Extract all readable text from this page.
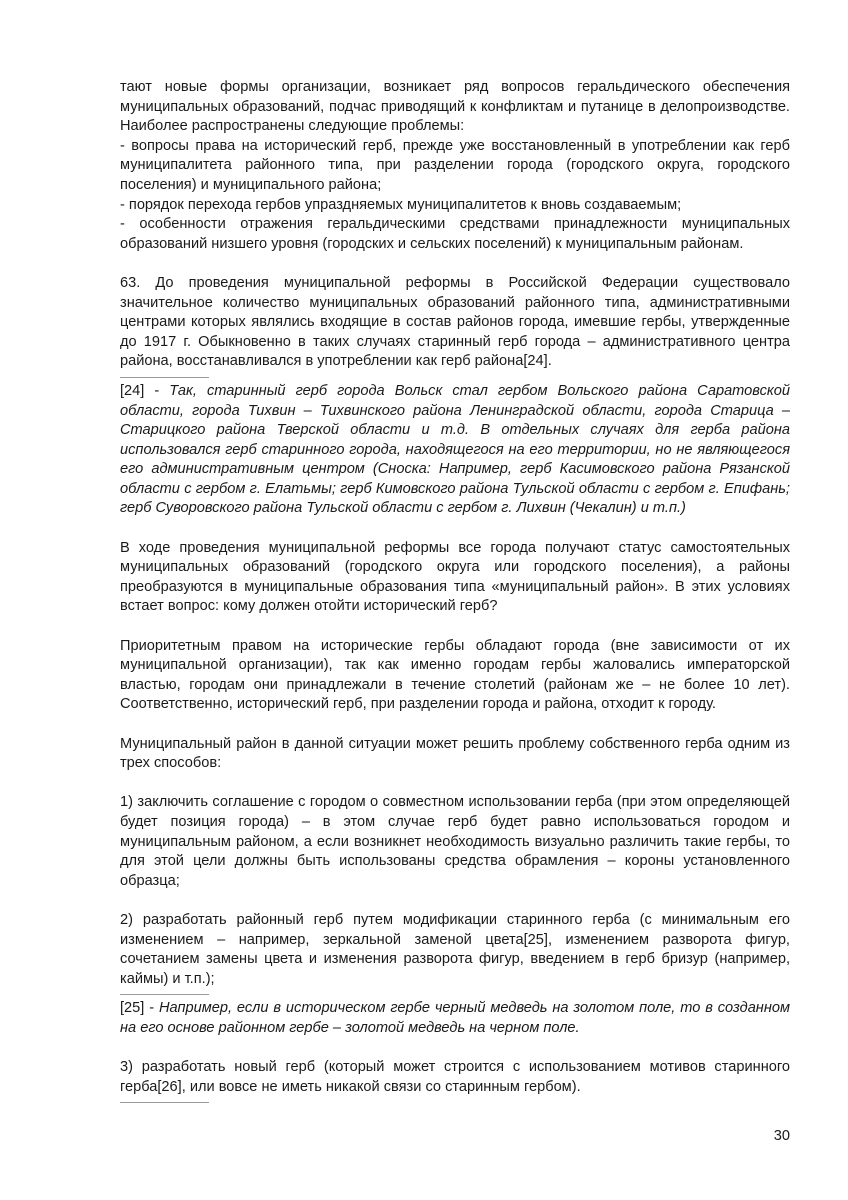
тают новые формы организации, возникает ряд вопросов геральдического обеспечения муниципальных образований, подчас приводящий к конфликтам и путанице в делопроизводстве. Наиболее распространены следующие проблемы:

- вопросы права на исторический герб, прежде уже восстановленный в употреблении как герб муниципалитета районного типа, при разделении города (городского округа, городского поселения) и муниципального района;

- порядок перехода гербов упраздняемых муниципалитетов к вновь создаваемым;

- особенности отражения геральдическими средствами принадлежности муниципальных образований низшего уровня (городских и сельских поселений) к муниципальным районам.

63. До проведения муниципальной реформы в Российской Федерации существовало значительное количество муниципальных образований районного типа, административными центрами которых являлись входящие в состав районов города, имевшие гербы, утвержденные до 1917 г. Обыкновенно в таких случаях старинный герб города – административного центра района, восстанавливался в употреблении как герб района[24].

[24] - Так, старинный герб города Вольск стал гербом Вольского района Саратовской области, города Тихвин – Тихвинского района Ленинградской области, города Старица – Старицкого района Тверской области и т.д. В отдельных случаях для герба района использовался герб старинного города, находящегося на его территории, но не являющегося его административным центром (Сноска: Например, герб Касимовского района Рязанской области с гербом г. Елатьмы; герб Кимовского района Тульской области с гербом г. Епифань; герб Суворовского района Тульской области с гербом г. Лихвин (Чекалин) и т.п.)

В ходе проведения муниципальной реформы все города получают статус самостоятельных муниципальных образований (городского округа или городского поселения), а районы преобразуются в муниципальные образования типа «муниципальный район». В этих условиях встает вопрос: кому должен отойти исторический герб?

Приоритетным правом на исторические гербы обладают города (вне зависимости от их муниципальной организации), так как именно городам гербы жаловались императорской властью, городам они принадлежали в течение столетий (районам же – не более 10 лет). Соответственно, исторический герб, при разделении города и района, отходит к городу.

Муниципальный район в данной ситуации может решить проблему собственного герба одним из трех способов:

1) заключить соглашение с городом о совместном использовании герба (при этом определяющей будет позиция города) – в этом случае герб будет равно использоваться городом и муниципальным районом, а если возникнет необходимость визуально различить такие гербы, то для этой цели должны быть использованы средства обрамления – короны установленного образца;

2) разработать районный герб путем модификации старинного герба (с минимальным его изменением – например, зеркальной заменой цвета[25], изменением разворота фигур, сочетанием замены цвета и изменения разворота фигур, введением в герб бризур (например, каймы) и т.п.);

[25] - Например, если в историческом гербе черный медведь на золотом поле, то в созданном на его основе районном гербе – золотой медведь на черном поле.

3) разработать новый герб (который может строится с использованием мотивов старинного герба[26], или вовсе не иметь никакой связи со старинным гербом).

30
